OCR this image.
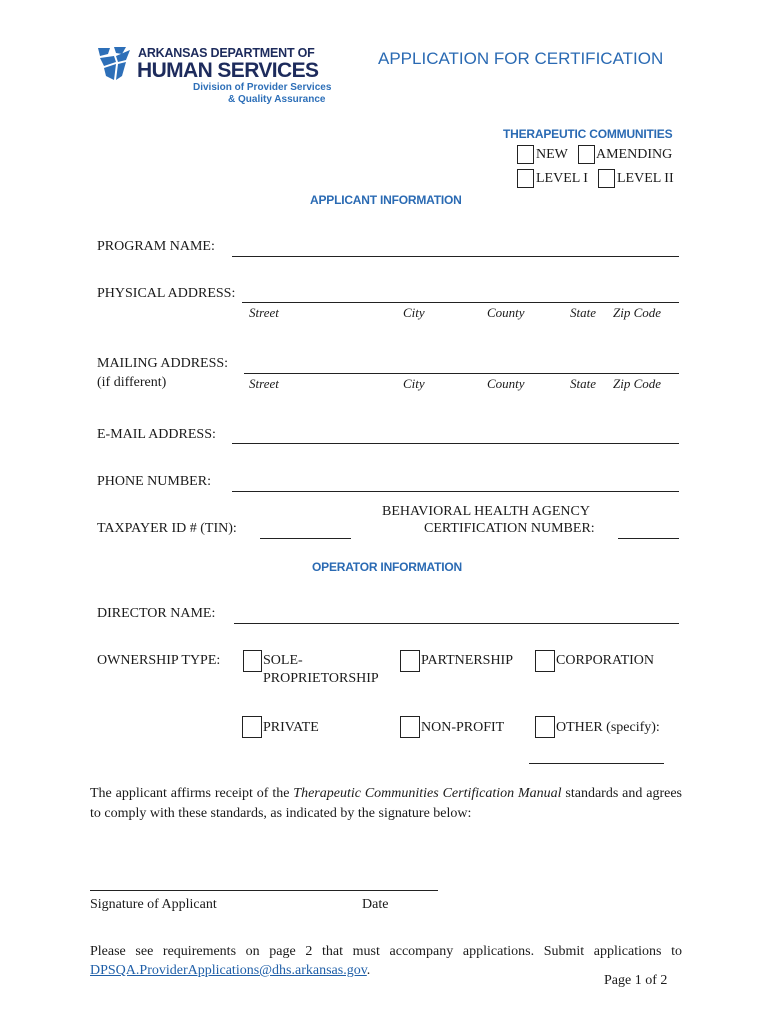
ARKANSAS DEPARTMENT OF
HUMAN SERVICES
Division of Provider Services
& Quality Assurance
APPLICATION FOR CERTIFICATION
THERAPEUTIC COMMUNITIES
NEW AMENDING
LEVEL I LEVEL II
APPLICANT INFORMATION
PROGRAM NAME:
PHYSICAL ADDRESS:
Street	City	County	State Zip Code
MAILING ADDRESS:
(if different)	Street	City	County	State Zip Code
E-MAIL ADDRESS:
PHONE NUMBER:
TAXPAYER ID # (TIN):
BEHAVIORAL HEALTH AGENCY
CERTIFICATION NUMBER:
OPERATOR INFORMATION
DIRECTOR NAME:
OWNERSHIP TYPE:	SOLE-
PROPRIETORSHIP
PARTNERSHIP	CORPORATION
PRIVATE	NON-PROFIT	OTHER (specify):
The applicant affirms receipt of the Therapeutic Communities Certification Manual standards and agrees to comply with these standards, as indicated by the signature below:
Signature of Applicant	Date
Please see requirements on page 2 that must accompany applications. Submit applications to
DPSQA.ProviderApplications@dhs.arkansas.gov.
Page 1 of 2
